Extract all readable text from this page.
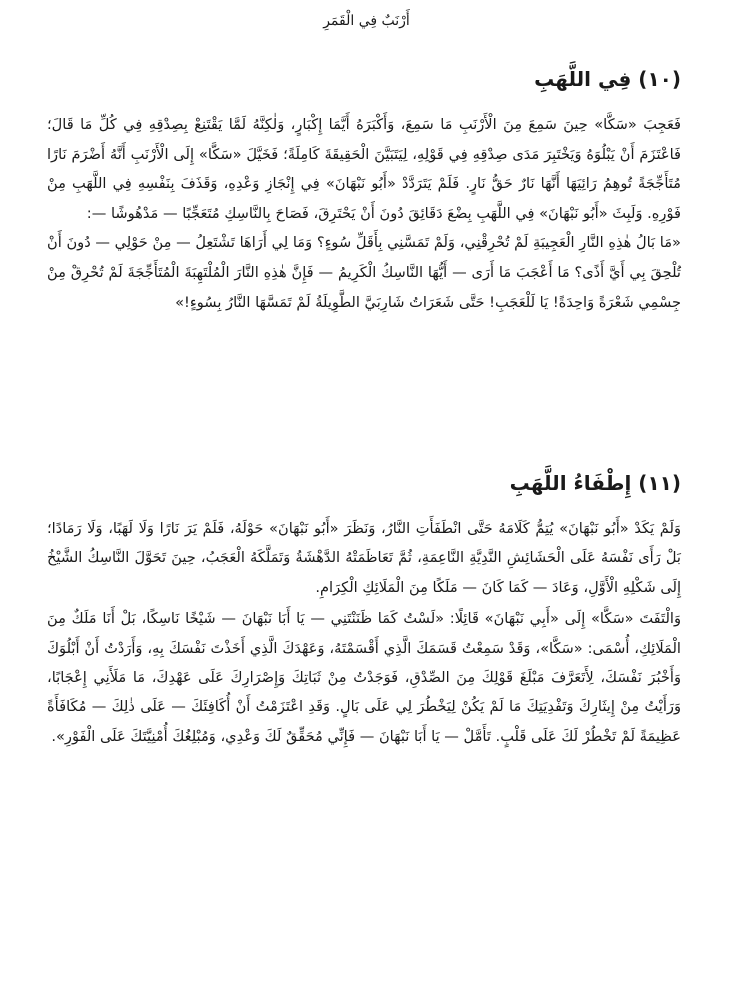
أَرْنَبٌ فِي الْقَمَرِ
(١٠) فِي اللَّهَبِ

فَعَجِبَ «سَكَّا» حِينَ سَمِعَ مِنَ الْأَرْنَبِ مَا سَمِعَ، وَأَكْبَرَهُ أَيَّمَا إِكْبَارٍ، وَلٰكِنَّهُ لَمَّا يَقْتَنِعْ بِصِدْقِهِ فِي كُلِّ مَا قَالَ؛ فَاعْتَزَمَ أَنْ يَبْلُوَهُ وَيَخْتَبِرَ مَدَى صِدْقِهِ فِي قَوْلِهِ، لِيَتَبَيَّنَ الْحَقِيقَةَ كَامِلَةً؛ فَخَيَّلَ «سَكَّا» إِلَى الْأَرْنَبِ أَنَّهُ أَضْرَمَ نَارًا مُتَأَجِّجَةً تُوهِمُ رَائِيَهَا أَنَّهَا نَارٌ حَقُّ نَارٍ. فَلَمْ يَتَرَدَّدْ «أَبُو نَبْهَانَ» فِي إِنْجَازِ وَعْدِهِ، وَقَذَفَ بِنَفْسِهِ فِي اللَّهَبِ مِنْ فَوْرِهِ. وَلَبِثَ «أَبُو نَبْهَانَ» فِي اللَّهَبِ بِضْعَ دَقَائِقَ دُونَ أَنْ يَحْتَرِقَ، فَصَاحَ بِالنَّاسِكِ مُتَعَجِّبًا — مَدْهُوشًا —:

«مَا بَالُ هٰذِهِ النَّارِ الْعَجِيبَةِ لَمْ تُحْرِقْنِي، وَلَمْ تَمَسَّنِي بِأَقَلِّ سُوءٍ؟ وَمَا لِي أَرَاهَا تَشْتَعِلُ — مِنْ حَوْلِي — دُونَ أَنْ تُلْحِقَ بِي أَيَّ أَذًى؟ مَا أَعْجَبَ مَا أَرَى — أَيُّهَا النَّاسِكُ الْكَرِيمُ — فَإِنَّ هٰذِهِ النَّارَ الْمُلْتَهِبَةَ الْمُتَأَجِّجَةَ لَمْ تُحْرِقْ مِنْ جِسْمِي شَعْرَةً وَاحِدَةً! يَا لَلْعَجَبِ! حَتَّى شَعَرَاتُ شَارِبَيَّ الطَّوِيلَةُ لَمْ تَمَسَّهَا النَّارُ بِسُوءٍ!»

(١١) إِطْفَاءُ اللَّهَبِ

وَلَمْ يَكَدْ «أَبُو نَبْهَانَ» يُتِمُّ كَلَامَهُ حَتَّى انْطَفَأَتِ النَّارُ، وَنَظَرَ «أَبُو نَبْهَانَ» حَوْلَهُ، فَلَمْ يَرَ نَارًا وَلَا لَهَبًا، وَلَا رَمَادًا؛ بَلْ رَأَى نَفْسَهُ عَلَى الْحَشَائِشِ النَّدِيَّةِ النَّاعِمَةِ، ثُمَّ تَعَاظَمَتْهُ الدَّهْشَةُ وَتَمَلَّكَهُ الْعَجَبُ، حِينَ تَحَوَّلَ النَّاسِكُ الشَّيْخُ إِلَى شَكْلِهِ الْأَوَّلِ، وَعَادَ — كَمَا كَانَ — مَلَكًا مِنَ الْمَلَائِكِ الْكِرَامِ.

وَالْتَفَتَ «سَكَّا» إِلَى «أَبِي نَبْهَانَ» قَائِلًا: «لَسْتُ كَمَا ظَنَنْتَنِي — يَا أَبَا نَبْهَانَ — شَيْخًا نَاسِكًا، بَلْ أَنَا مَلَكٌ مِنَ الْمَلَائِكِ، أُسْمَى: «سَكَّا»، وَقَدْ سَمِعْتُ قَسَمَكَ الَّذِي أَقْسَمْتَهُ، وَعَهْدَكَ الَّذِي أَخَذْتَ نَفْسَكَ بِهِ، وَأَرَدْتُ أَنْ أَبْلُوَكَ وَأَخْبُرَ نَفْسَكَ، لِأَتَعَرَّفَ مَبْلَغَ قَوْلِكَ مِنَ الصِّدْقِ، فَوَجَدْتُ مِنْ ثَبَاتِكَ وَإِصْرَارِكَ عَلَى عَهْدِكَ، مَا مَلَأَنِي إِعْجَابًا، وَرَأَيْتُ مِنْ إِيثَارِكَ وَتَفْدِيَتِكَ مَا لَمْ يَكُنْ لِيَخْطُرَ لِي عَلَى بَالٍ. وَقَدِ اعْتَزَمْتُ أَنْ أُكَافِئَكَ — عَلَى ذٰلِكَ — مُكَافَأَةً عَظِيمَةً لَمْ تَخْطُرْ لَكَ عَلَى قَلْبٍ. تَأَمَّلْ — يَا أَبَا نَبْهَانَ — فَإِنِّي مُحَقِّقٌ لَكَ وَعْدِي، وَمُبْلِغُكَ أُمْنِيَّتَكَ عَلَى الْفَوْرِ».
